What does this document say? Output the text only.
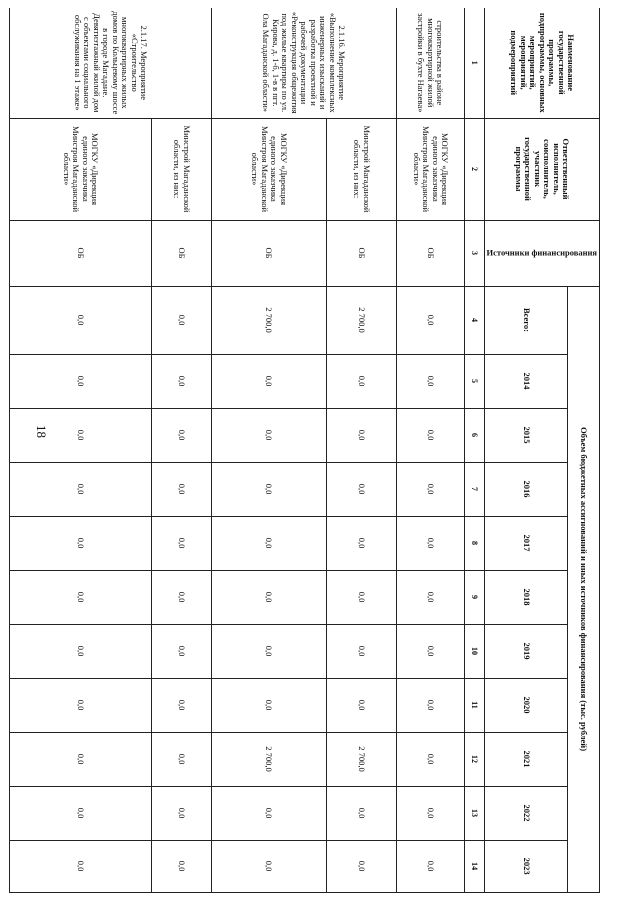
18
Наименование государственной программы, подпрограммы, основных мероприятий, мероприятий, подмероприятий	Ответственный исполнитель, соисполнитель, участник государственной программы	Источники финансирования	Объем бюджетных ассигнований и иных источников финансирования (тыс. рублей)										
			Всего:	2014	2015	2016	2017	2018	2019	2020	2021	2022	2023
1	2	3	4	5	6	7	8	9	10	11	12	13	14
строительства в районе многоквартирной жилой застройки в бухте Нагаева»	МОГКУ «Дирекция единого заказчика Минстроя Магаданской области»	ОБ	0,0	0,0	0,0	0,0	0,0	0,0	0,0	0,0	0,0	0,0	0,0
2.1.16. Мероприятие «Выполнение комплексных инженерных изысканий и разработка проектной и рабочей документации «Реконструкция общежития под жилые квартиры по ул. Кирова, д. 1-б, 1-в в пгт. Ола Магаданской области»	Минстрой Магаданской области, из них:	ОБ	2 700,0	0,0	0,0	0,0	0,0	0,0	0,0	0,0	2 700,0	0,0	0,0
	МОГКУ «Дирекция единого заказчика Минстроя Магаданской области»	ОБ	2 700,0	0,0	0,0	0,0	0,0	0,0	0,0	0,0	2 700,0	0,0	0,0
2.1.17. Мероприятие «Строительство многоквартирных жилых домов по Кольцевому шоссе в городе Магадане. Девятиэтажный жилой дом с объектами социального обслуживания на 1 этаже»	Минстрой Магаданской области, из них:	ОБ	0,0	0,0	0,0	0,0	0,0	0,0	0,0	0,0	0,0	0,0	0,0
	МОГКУ «Дирекция единого заказчика Минстроя Магаданской области»	ОБ	0,0	0,0	0,0	0,0	0,0	0,0	0,0	0,0	0,0	0,0	0,0
